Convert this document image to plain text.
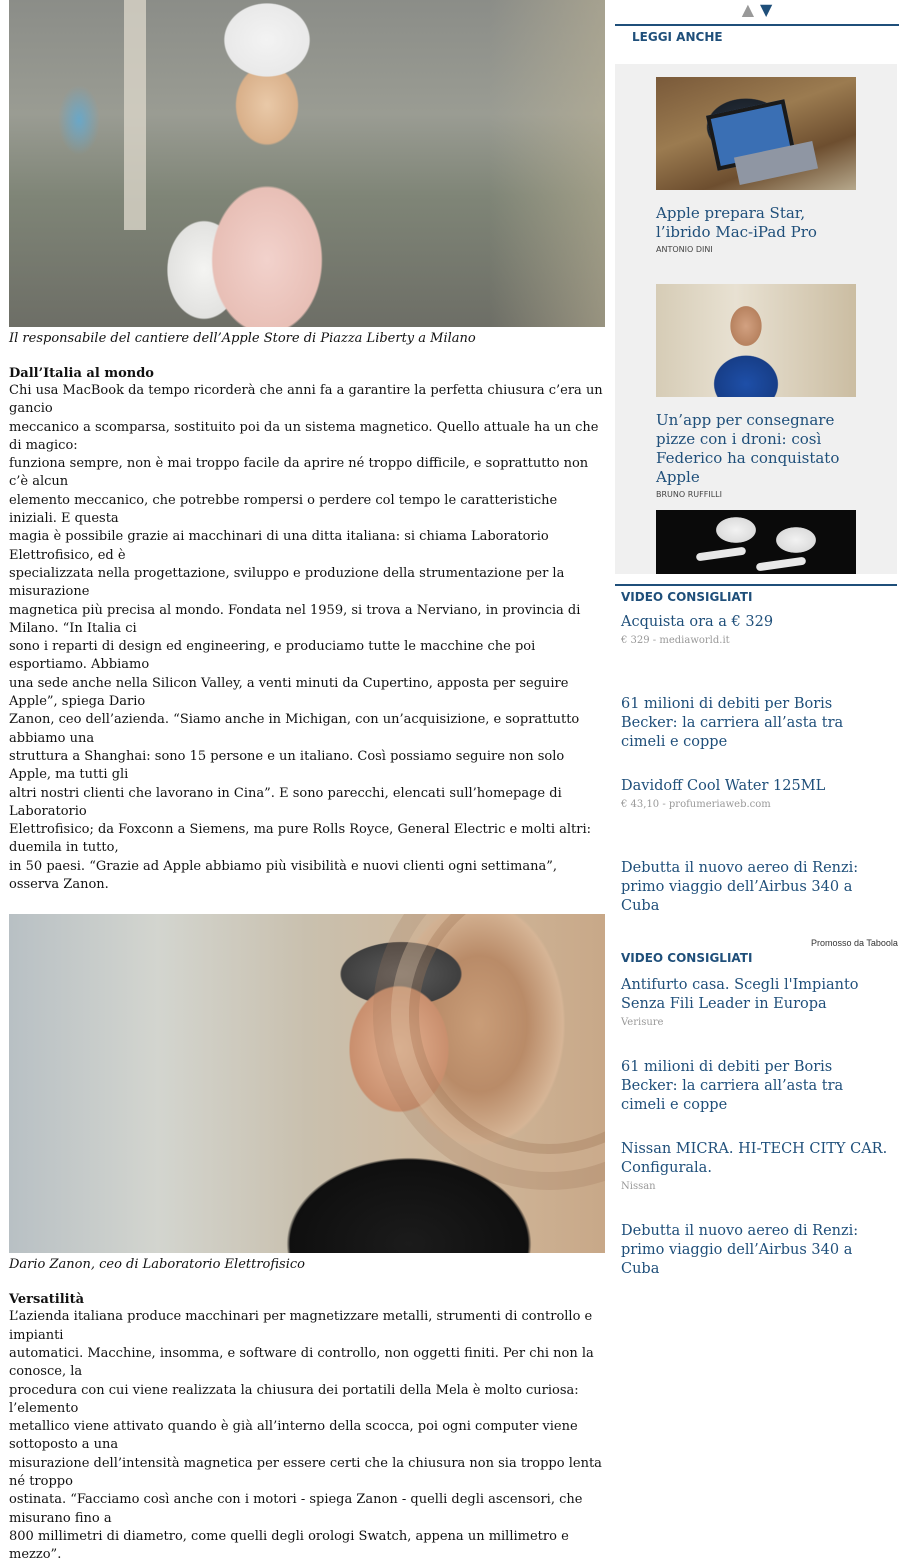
Il responsabile del cantiere dell’Apple Store di Piazza Liberty a Milano

Dall’Italia al mondo

Chi usa MacBook da tempo ricorderà che anni fa a garantire la perfetta chiusura c’era un gancio
meccanico a scomparsa, sostituito poi da un sistema magnetico. Quello attuale ha un che di magico:
funziona sempre, non è mai troppo facile da aprire né troppo difficile, e soprattutto non c’è alcun
elemento meccanico, che potrebbe rompersi o perdere col tempo le caratteristiche iniziali. E questa
magia è possibile grazie ai macchinari di una ditta italiana: si chiama Laboratorio Elettrofisico, ed è
specializzata nella progettazione, sviluppo e produzione della strumentazione per la misurazione
magnetica più precisa al mondo. Fondata nel 1959, si trova a Nerviano, in provincia di Milano. “In Italia ci
sono i reparti di design ed engineering, e produciamo tutte le macchine che poi esportiamo. Abbiamo
una sede anche nella Silicon Valley, a venti minuti da Cupertino, apposta per seguire Apple”, spiega Dario
Zanon, ceo dell’azienda. “Siamo anche in Michigan, con un’acquisizione, e soprattutto abbiamo una
struttura a Shanghai: sono 15 persone e un italiano. Così possiamo seguire non solo Apple, ma tutti gli
altri nostri clienti che lavorano in Cina”. E sono parecchi, elencati sull’homepage di Laboratorio
Elettrofisico; da Foxconn a Siemens, ma pure Rolls Royce, General Electric e molti altri: duemila in tutto,
in 50 paesi. “Grazie ad Apple abbiamo più visibilità e nuovi clienti ogni settimana”, osserva Zanon.

Dario Zanon, ceo di Laboratorio Elettrofisico

Versatilità

L’azienda italiana produce macchinari per magnetizzare metalli, strumenti di controllo e impianti
automatici. Macchine, insomma, e software di controllo, non oggetti finiti. Per chi non la conosce, la
procedura con cui viene realizzata la chiusura dei portatili della Mela è molto curiosa: l’elemento
metallico viene attivato quando è già all’interno della scocca, poi ogni computer viene sottoposto a una
misurazione dell’intensità magnetica per essere certi che la chiusura non sia troppo lenta né troppo
ostinata. “Facciamo così anche con i motori - spiega Zanon - quelli degli ascensori, che misurano fino a
800 millimetri di diametro, come quelli degli orologi Swatch, appena un millimetro e mezzo”.
▲ ▼
LEGGI ANCHE
Apple prepara Star, l’ibrido Mac-iPad Pro
ANTONIO DINI
Un’app per consegnare pizze con i droni: così Federico ha conquistato Apple
BRUNO RUFFILLI
VIDEO CONSIGLIATI
Acquista ora a € 329
€ 329 - mediaworld.it
61 milioni di debiti per Boris Becker: la carriera all’asta tra cimeli e coppe
Davidoff Cool Water 125ML
€ 43,10 - profumeriaweb.com
Debutta il nuovo aereo di Renzi: primo viaggio dell’Airbus 340 a Cuba
Promosso da Taboola
VIDEO CONSIGLIATI
Antifurto casa. Scegli l'Impianto Senza Fili Leader in Europa
Verisure
61 milioni di debiti per Boris Becker: la carriera all’asta tra cimeli e coppe
Nissan MICRA. HI-TECH CITY CAR. Configurala.
Nissan
Debutta il nuovo aereo di Renzi: primo viaggio dell’Airbus 340 a Cuba
